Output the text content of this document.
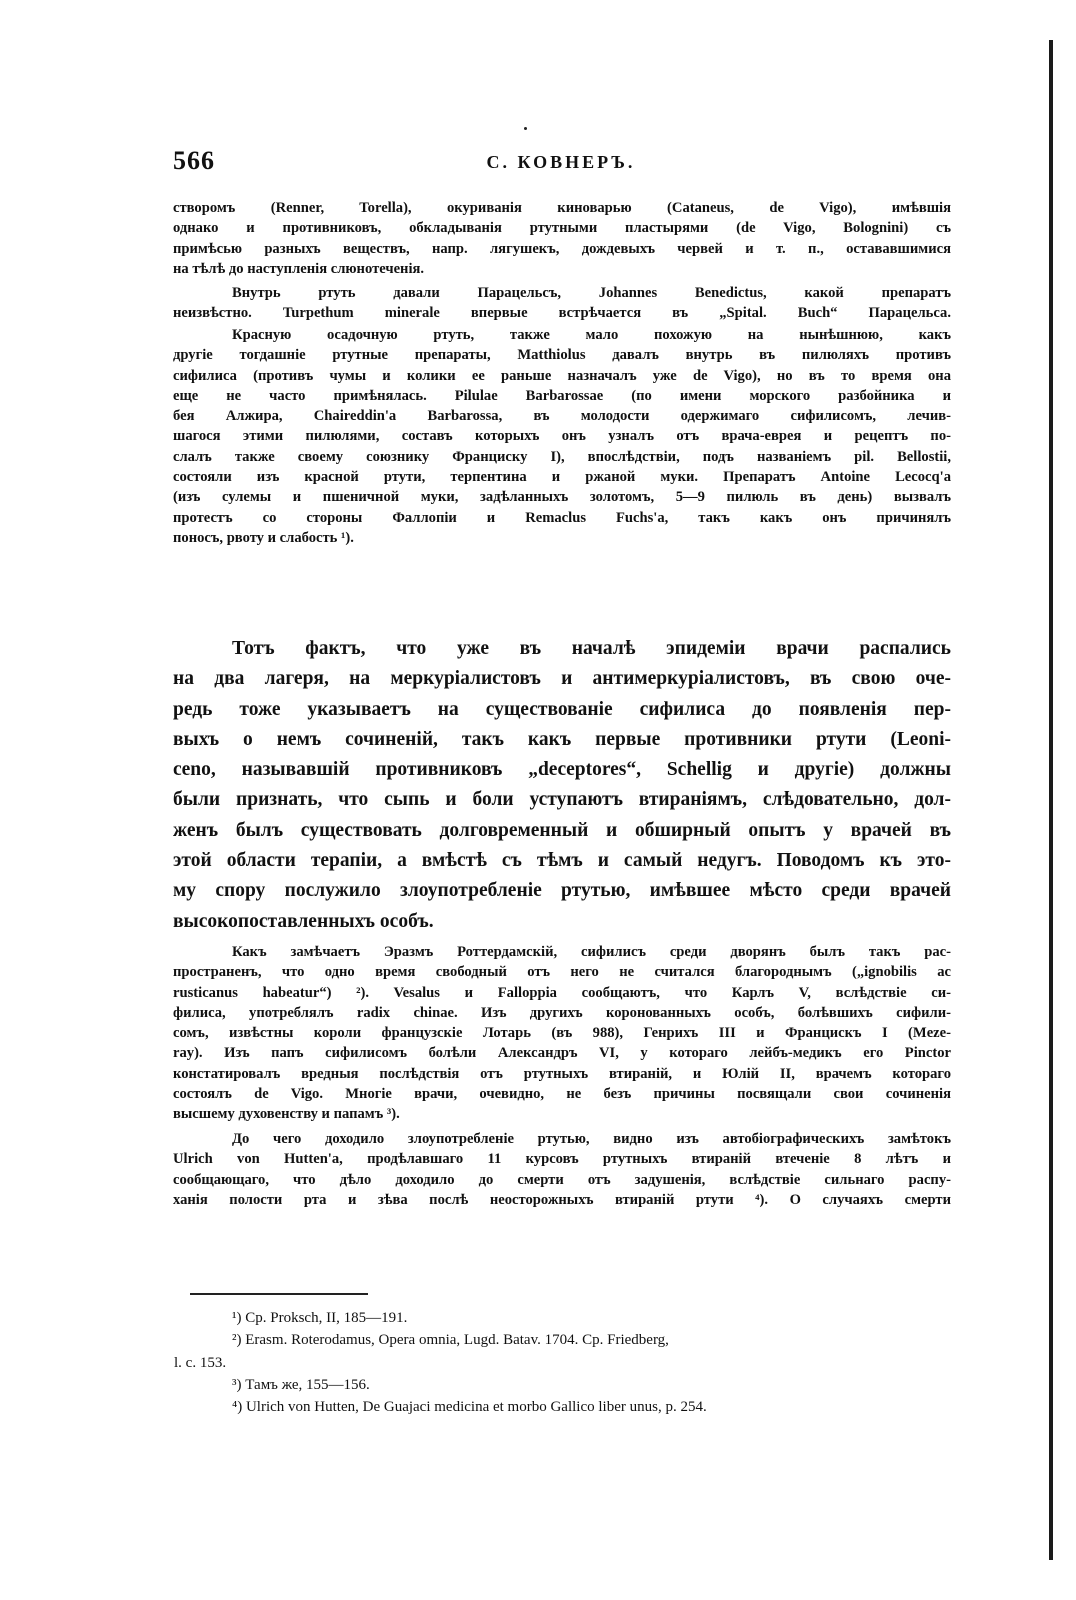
566	С. КОВНЕРЪ.
створомъ (Renner, Torella), окуриванія киноварью (Cataneus, de Vigo), имѣвшія
однако и противниковъ, обкладыванія ртутными пластырями (de Vigo, Bolognini) съ
примѣсью разныхъ веществъ, напр. лягушекъ, дождевыхъ червей и т. п., остававшимися
на тѣлѣ до наступленія слюнотеченія.
Внутрь ртуть давали Парацельсъ, Johannes Benedictus, какой препаратъ
неизвѣстно. Turpethum minerale впервые встрѣчается въ „Spital. Buch“ Парацельса.
Красную осадочную ртуть, также мало похожую на нынѣшнюю, какъ
другіе тогдашніе ртутные препараты, Matthiolus давалъ внутрь въ пилюляхъ противъ
сифилиса (противъ чумы и колики ее раньше назначалъ уже de Vigo), но въ то время она
еще не часто примѣнялась. Pilulae Barbarossae (по имени морского разбойника и
бея Алжира, Chaireddin'a Barbarossa, въ молодости одержимаго сифилисомъ, лечив-
шагося этими пилюлями, составъ которыхъ онъ узналъ отъ врача-еврея и рецептъ по-
слалъ также своему союзнику Франциску I), впослѣдствіи, подъ названіемъ pil. Bellostii,
состояли изъ красной ртути, терпентина и ржаной муки. Препаратъ Antoine Lecocq'a
(изъ сулемы и пшеничной муки, задѣланныхъ золотомъ, 5—9 пилюль въ день) вызвалъ
протестъ со стороны Фаллопіи и Remaclus Fuchs'a, такъ какъ онъ причинялъ
поносъ, рвоту и слабость ¹).
Тотъ фактъ, что уже въ началѣ эпидеміи врачи распались
на два лагеря, на меркуріалистовъ и антимеркуріалистовъ, въ свою оче-
редь тоже указываетъ на существованіе сифилиса до появленія пер-
выхъ о немъ сочиненій, такъ какъ первые противники ртути (Leoni-
ceno, называвшій противниковъ „deceptores“, Schellig и другіе) должны
были признать, что сыпь и боли уступаютъ втираніямъ, слѣдовательно, дол-
женъ былъ существовать долговременный и обширный опытъ у врачей въ
этой области терапіи, а вмѣстѣ съ тѣмъ и самый недугъ. Поводомъ къ это-
му спору послужило злоупотребленіе ртутью, имѣвшее мѣсто среди врачей
высокопоставленныхъ особъ.
Какъ замѣчаетъ Эразмъ Роттердамскій, сифилисъ среди дворянъ былъ такъ рас-
пространенъ, что одно время свободный отъ него не считался благороднымъ („ignobilis ac
rusticanus habeatur“) ²). Vesalus и Falloppia сообщаютъ, что Карлъ V, вслѣдствіе си-
филиса, употреблялъ radix chinae. Изъ другихъ коронованныхъ особъ, болѣвшихъ сифили-
сомъ, извѣстны короли французскіе Лотарь (въ 988), Генрихъ III и Францискъ I (Meze-
ray). Изъ папъ сифилисомъ болѣли Александръ VI, у котораго лейбъ-медикъ его Pinctor
констатировалъ вредныя послѣдствія отъ ртутныхъ втираній, и Юлій II, врачемъ котораго
состоялъ de Vigo. Многіе врачи, очевидно, не безъ причины посвящали свои сочиненія
высшему духовенству и папамъ ³).
До чего доходило злоупотребленіе ртутью, видно изъ автобіографическихъ замѣтокъ
Ulrich von Hutten'a, продѣлавшаго 11 курсовъ ртутныхъ втираній втеченіе 8 лѣтъ и
сообщающаго, что дѣло доходило до смерти отъ задушенія, вслѣдствіе сильнаго распу-
ханія полости рта и зѣва послѣ неосторожныхъ втираній ртути ⁴). О случаяхъ смерти
¹) Cp. Proksch, II, 185—191.
²) Erasm. Roterodamus, Opera omnia, Lugd. Batav. 1704. Cp. Friedberg,
l. c. 153.
³) Тамъ же, 155—156.
⁴) Ulrich von Hutten, De Guajaci medicina et morbo Gallico liber unus, p. 254.
